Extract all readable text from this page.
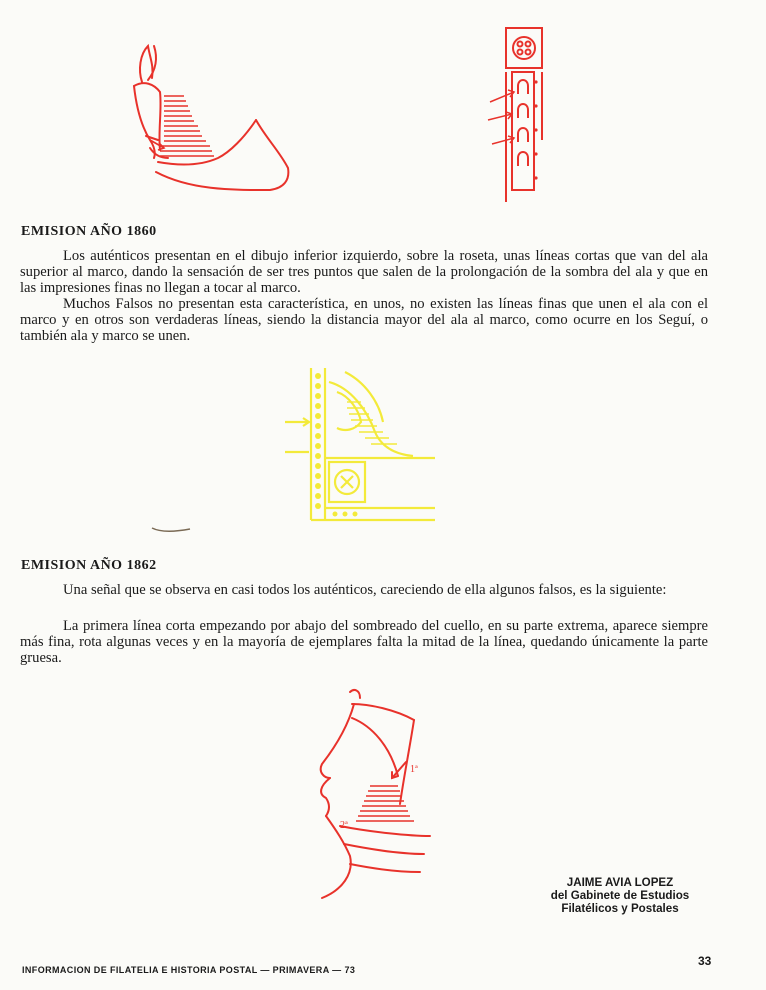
EMISION AÑO 1860

Los auténticos presentan en el dibujo inferior izquierdo, sobre la roseta, unas líneas cortas que van del ala superior al marco, dando la sensación de ser tres puntos que salen de la prolongación de la sombra del ala y que en las impresiones finas no llegan a tocar al marco.

Muchos Falsos no presentan esta característica, en unos, no existen las líneas finas que unen el ala con el marco y en otros son verdaderas líneas, siendo la distancia mayor del ala al marco, como ocurre en los Seguí, o también ala y marco se unen.

EMISION AÑO 1862

Una señal que se observa en casi todos los auténticos, careciendo de ella algunos falsos, es la siguiente:

La primera línea corta empezando por abajo del sombreado del cuello, en su parte extrema, aparece siempre más fina, rota algunas veces y en la mayoría de ejemplares falta la mitad de la línea, quedando únicamente la parte gruesa.

1ª
2ª
JAIME AVIA LOPEZ
del Gabinete de Estudios
Filatélicos y Postales

INFORMACION DE FILATELIA E HISTORIA POSTAL — PRIMAVERA — 73

33
